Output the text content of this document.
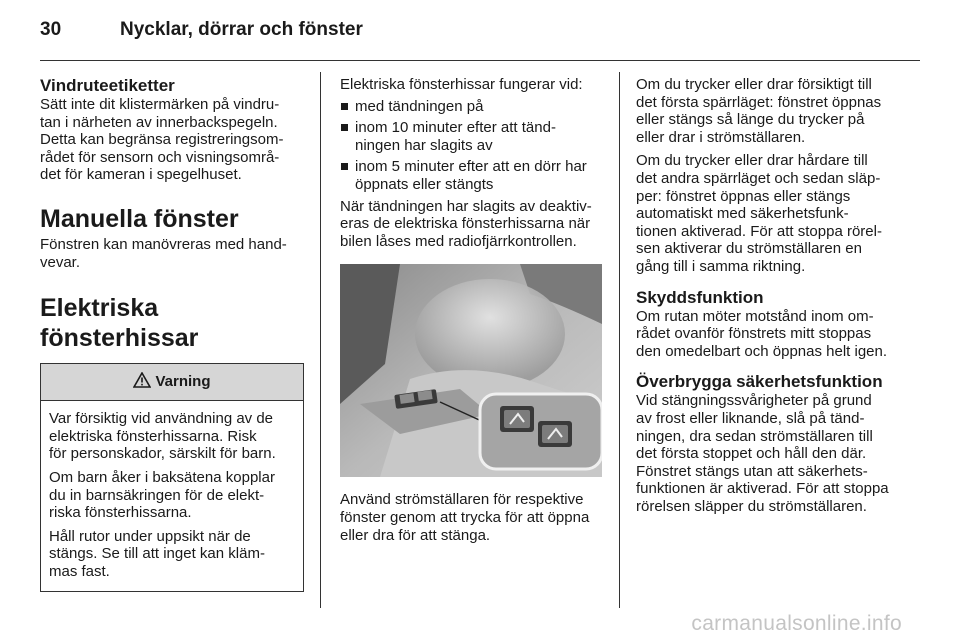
30	Nycklar, dörrar och fönster
Vindruteetiketter
Sätt inte dit klistermärken på vindru-
tan i närheten av innerbackspegeln.
Detta kan begränsa registreringsom-
rådet för sensorn och visningsområ-
det för kameran i spegelhuset.
Manuella fönster
Fönstren kan manövreras med hand-
vevar.
Elektriska fönsterhissar
Varning
Var försiktig vid användning av de
elektriska fönsterhissarna. Risk
för personskador, särskilt för barn.
Om barn åker i baksätena kopplar
du in barnsäkringen för de elekt-
riska fönsterhissarna.
Håll rutor under uppsikt när de
stängs. Se till att inget kan kläm-
mas fast.
Elektriska fönsterhissar fungerar vid:
med tändningen på
inom 10 minuter efter att tänd-
ningen har slagits av
inom 5 minuter efter att en dörr har
öppnats eller stängts
När tändningen har slagits av deaktiv-
eras de elektriska fönsterhissarna när
bilen låses med radiofjärrkontrollen.
Använd strömställaren för respektive
fönster genom att trycka för att öppna
eller dra för att stänga.
Om du trycker eller drar försiktigt till
det första spärrläget: fönstret öppnas
eller stängs så länge du trycker på
eller drar i strömställaren.
Om du trycker eller drar hårdare till
det andra spärrläget och sedan släp-
per: fönstret öppnas eller stängs
automatiskt med säkerhetsfunk-
tionen aktiverad. För att stoppa rörel-
sen aktiverar du strömställaren en
gång till i samma riktning.
Skyddsfunktion
Om rutan möter motstånd inom om-
rådet ovanför fönstrets mitt stoppas
den omedelbart och öppnas helt igen.
Överbrygga säkerhetsfunktion
Vid stängningssvårigheter på grund
av frost eller liknande, slå på tänd-
ningen, dra sedan strömställaren till
det första stoppet och håll den där.
Fönstret stängs utan att säkerhets-
funktionen är aktiverad. För att stoppa
rörelsen släpper du strömställaren.
carmanualsonline.info
